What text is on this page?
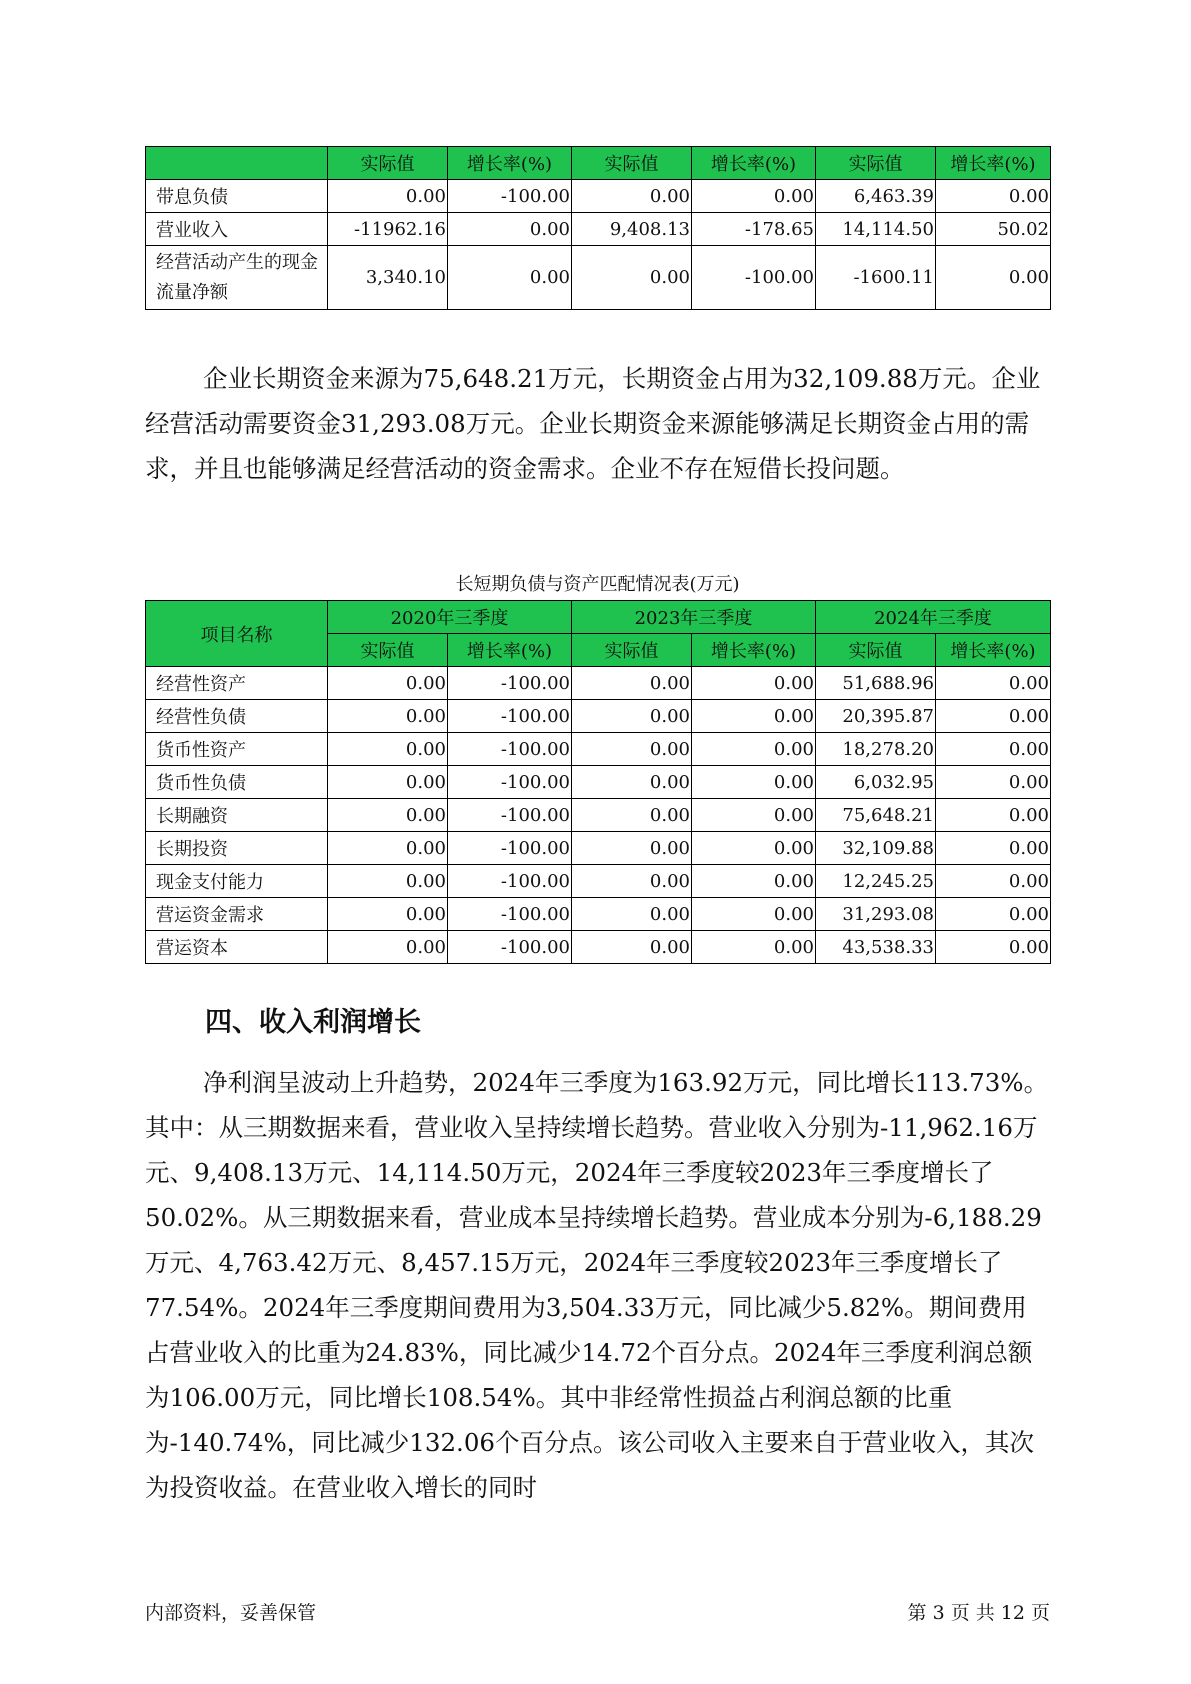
	实际值	增长率(%)	实际值	增长率(%)	实际值	增长率(%)
带息负债	0.00	-100.00	0.00	0.00	6,463.39	0.00
营业收入	-11962.16	0.00	9,408.13	-178.65	14,114.50	50.02
经营活动产生的现金流量净额	3,340.10	0.00	0.00	-100.00	-1600.11	0.00

企业长期资金来源为75,648.21万元，长期资金占用为32,109.88万元。企业经营活动需要资金31,293.08万元。企业长期资金来源能够满足长期资金占用的需求，并且也能够满足经营活动的资金需求。企业不存在短借长投问题。

长短期负债与资产匹配情况表(万元)

项目名称	2020年三季度		2023年三季度		2024年三季度	
	实际值	增长率(%)	实际值	增长率(%)	实际值	增长率(%)
经营性资产	0.00	-100.00	0.00	0.00	51,688.96	0.00
经营性负债	0.00	-100.00	0.00	0.00	20,395.87	0.00
货币性资产	0.00	-100.00	0.00	0.00	18,278.20	0.00
货币性负债	0.00	-100.00	0.00	0.00	6,032.95	0.00
长期融资	0.00	-100.00	0.00	0.00	75,648.21	0.00
长期投资	0.00	-100.00	0.00	0.00	32,109.88	0.00
现金支付能力	0.00	-100.00	0.00	0.00	12,245.25	0.00
营运资金需求	0.00	-100.00	0.00	0.00	31,293.08	0.00
营运资本	0.00	-100.00	0.00	0.00	43,538.33	0.00

四、收入利润增长

净利润呈波动上升趋势，2024年三季度为163.92万元，同比增长113.73%。其中：从三期数据来看，营业收入呈持续增长趋势。营业收入分别为-11,962.16万元、9,408.13万元、14,114.50万元，2024年三季度较2023年三季度增长了50.02%。从三期数据来看，营业成本呈持续增长趋势。营业成本分别为-6,188.29万元、4,763.42万元、8,457.15万元，2024年三季度较2023年三季度增长了77.54%。2024年三季度期间费用为3,504.33万元，同比减少5.82%。期间费用占营业收入的比重为24.83%，同比减少14.72个百分点。2024年三季度利润总额为106.00万元，同比增长108.54%。其中非经常性损益占利润总额的比重为-140.74%，同比减少132.06个百分点。该公司收入主要来自于营业收入，其次为投资收益。在营业收入增长的同时

内部资料，妥善保管	第 3 页 共 12 页
